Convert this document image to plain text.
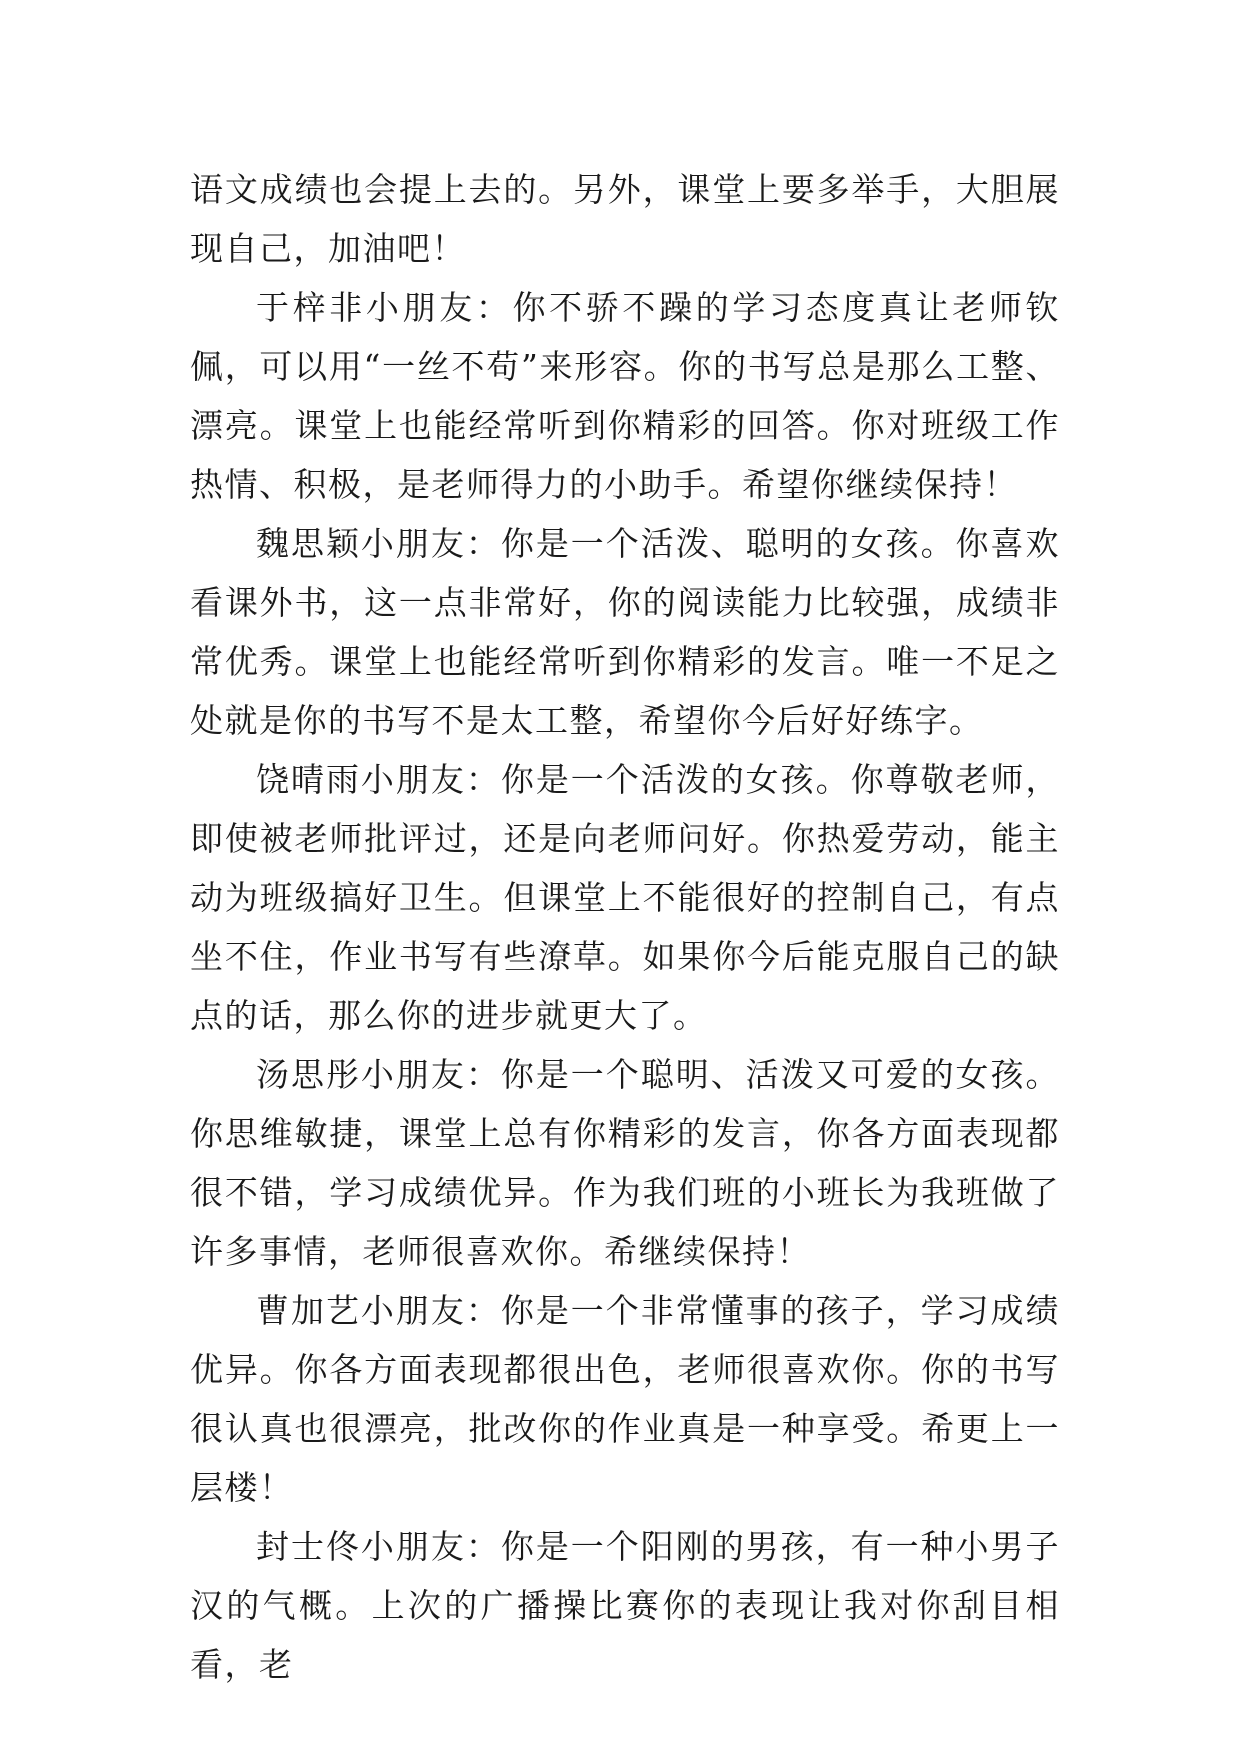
语文成绩也会提上去的。另外，课堂上要多举手，大胆展现自己，加油吧！

于梓非小朋友：你不骄不躁的学习态度真让老师钦佩，可以用“一丝不苟”来形容。你的书写总是那么工整、漂亮。课堂上也能经常听到你精彩的回答。你对班级工作热情、积极，是老师得力的小助手。希望你继续保持！

魏思颖小朋友：你是一个活泼、聪明的女孩。你喜欢看课外书，这一点非常好，你的阅读能力比较强，成绩非常优秀。课堂上也能经常听到你精彩的发言。唯一不足之处就是你的书写不是太工整，希望你今后好好练字。

饶晴雨小朋友：你是一个活泼的女孩。你尊敬老师，即使被老师批评过，还是向老师问好。你热爱劳动，能主动为班级搞好卫生。但课堂上不能很好的控制自己，有点坐不住，作业书写有些潦草。如果你今后能克服自己的缺点的话，那么你的进步就更大了。

汤思彤小朋友：你是一个聪明、活泼又可爱的女孩。你思维敏捷，课堂上总有你精彩的发言，你各方面表现都很不错，学习成绩优异。作为我们班的小班长为我班做了许多事情，老师很喜欢你。希继续保持！

曹加艺小朋友：你是一个非常懂事的孩子，学习成绩优异。你各方面表现都很出色，老师很喜欢你。你的书写很认真也很漂亮，批改你的作业真是一种享受。希更上一层楼！

封士佟小朋友：你是一个阳刚的男孩，有一种小男子汉的气概。上次的广播操比赛你的表现让我对你刮目相看，老
